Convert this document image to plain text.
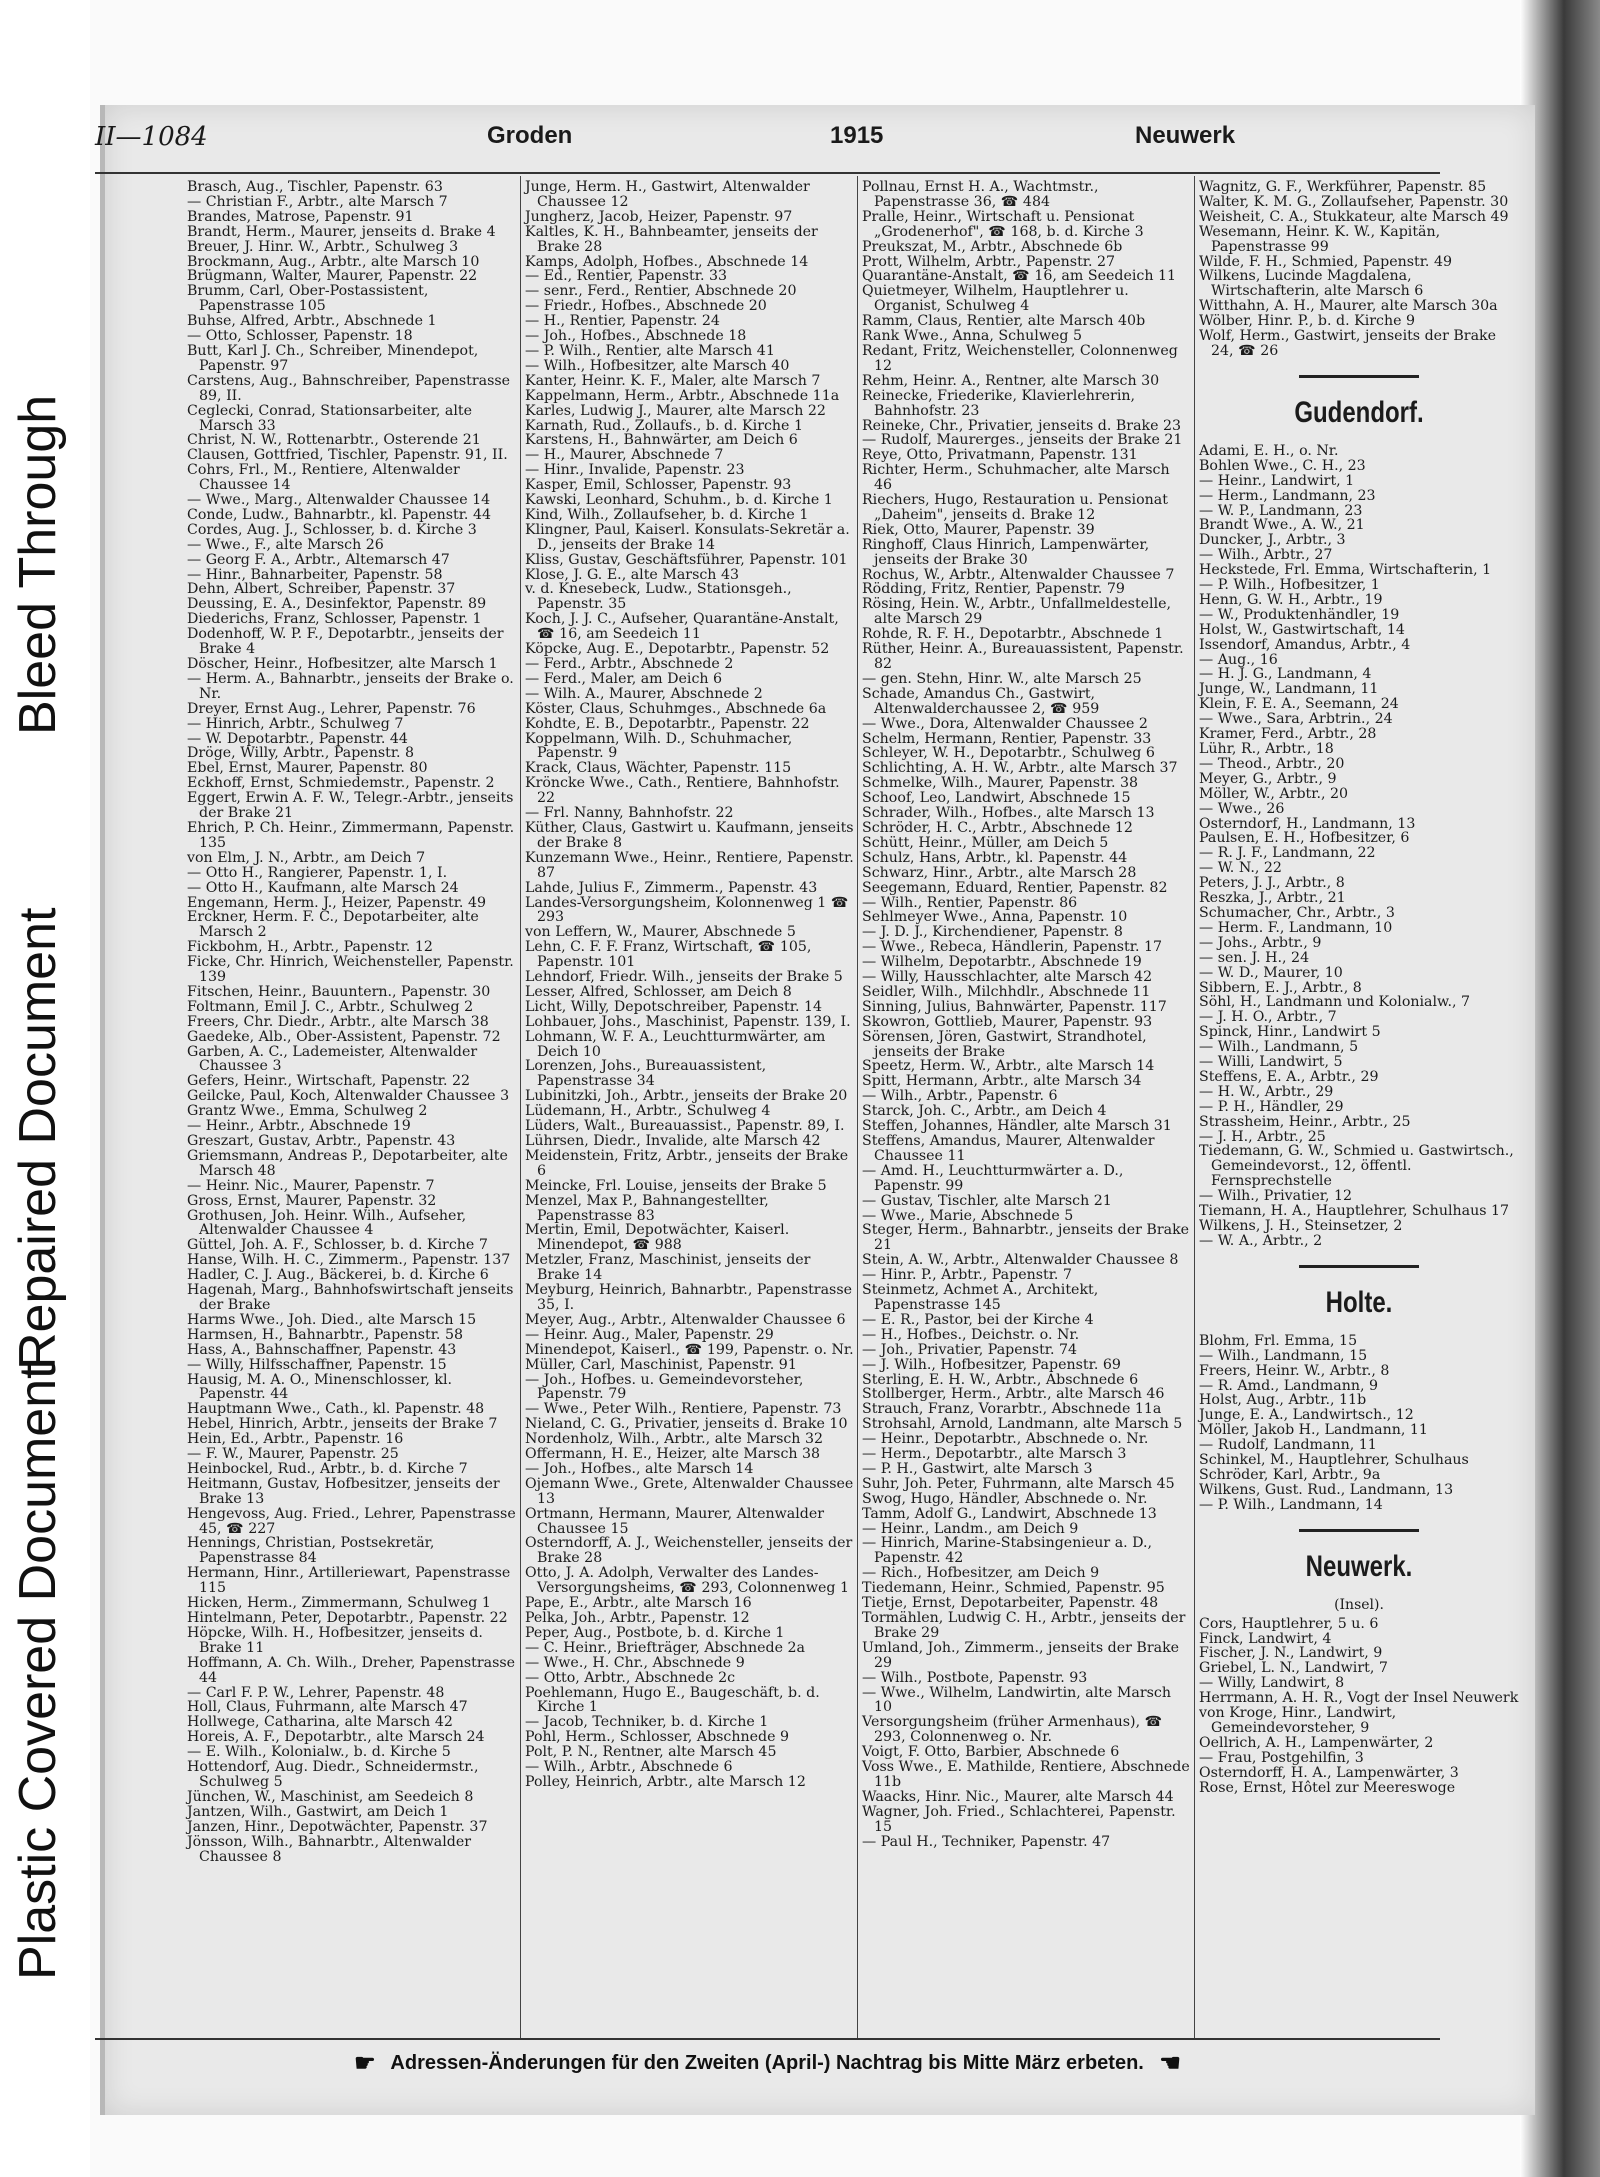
Bleed Through
Repaired Document
Plastic Covered Document
II—1084	Groden	1915	Neuwerk

Brasch, Aug., Tischler, Papenstr. 63

— Christian F., Arbtr., alte Marsch 7

Brandes, Matrose, Papenstr. 91

Brandt, Herm., Maurer, jenseits d. Brake 4

Breuer, J. Hinr. W., Arbtr., Schulweg 3

Brockmann, Aug., Arbtr., alte Marsch 10

Brügmann, Walter, Maurer, Papenstr. 22

Brumm, Carl, Ober-Postassistent, Papenstrasse 105

Buhse, Alfred, Arbtr., Abschnede 1

— Otto, Schlosser, Papenstr. 18

Butt, Karl J. Ch., Schreiber, Minendepot, Papenstr. 97

Carstens, Aug., Bahnschreiber, Papenstrasse 89, II.

Ceglecki, Conrad, Stationsarbeiter, alte Marsch 33

Christ, N. W., Rottenarbtr., Osterende 21

Clausen, Gottfried, Tischler, Papenstr. 91, II.

Cohrs, Frl., M., Rentiere, Altenwalder Chaussee 14

— Wwe., Marg., Altenwalder Chaussee 14

Conde, Ludw., Bahnarbtr., kl. Papenstr. 44

Cordes, Aug. J., Schlosser, b. d. Kirche 3

— Wwe., F., alte Marsch 26

— Georg F. A., Arbtr., Altemarsch 47

— Hinr., Bahnarbeiter, Papenstr. 58

Dehn, Albert, Schreiber, Papenstr. 37

Deussing, E. A., Desinfektor, Papenstr. 89

Diederichs, Franz, Schlosser, Papenstr. 1

Dodenhoff, W. P. F., Depotarbtr., jenseits der Brake 4

Döscher, Heinr., Hofbesitzer, alte Marsch 1

— Herm. A., Bahnarbtr., jenseits der Brake o. Nr.

Dreyer, Ernst Aug., Lehrer, Papenstr. 76

— Hinrich, Arbtr., Schulweg 7

— W. Depotarbtr., Papenstr. 44

Dröge, Willy, Arbtr., Papenstr. 8

Ebel, Ernst, Maurer, Papenstr. 80

Eckhoff, Ernst, Schmiedemstr., Papenstr. 2

Eggert, Erwin A. F. W., Telegr.-Arbtr., jenseits der Brake 21

Ehrich, P. Ch. Heinr., Zimmermann, Papenstr. 135

von Elm, J. N., Arbtr., am Deich 7

— Otto H., Rangierer, Papenstr. 1, I.

— Otto H., Kaufmann, alte Marsch 24

Engemann, Herm. J., Heizer, Papenstr. 49

Erckner, Herm. F. C., Depotarbeiter, alte Marsch 2

Fickbohm, H., Arbtr., Papenstr. 12

Ficke, Chr. Hinrich, Weichensteller, Papenstr. 139

Fitschen, Heinr., Bauuntern., Papenstr. 30

Foltmann, Emil J. C., Arbtr., Schulweg 2

Freers, Chr. Diedr., Arbtr., alte Marsch 38

Gaedeke, Alb., Ober-Assistent, Papenstr. 72

Garben, A. C., Lademeister, Altenwalder Chaussee 3

Gefers, Heinr., Wirtschaft, Papenstr. 22

Geilcke, Paul, Koch, Altenwalder Chaussee 3

Grantz Wwe., Emma, Schulweg 2

— Heinr., Arbtr., Abschnede 19

Greszart, Gustav, Arbtr., Papenstr. 43

Griemsmann, Andreas P., Depotarbeiter, alte Marsch 48

— Heinr. Nic., Maurer, Papenstr. 7

Gross, Ernst, Maurer, Papenstr. 32

Grothusen, Joh. Heinr. Wilh., Aufseher, Altenwalder Chaussee 4

Güttel, Joh. A. F., Schlosser, b. d. Kirche 7

Hanse, Wilh. H. C., Zimmerm., Papenstr. 137

Hadler, C. J. Aug., Bäckerei, b. d. Kirche 6

Hagenah, Marg., Bahnhofswirtschaft jenseits der Brake

Harms Wwe., Joh. Died., alte Marsch 15

Harmsen, H., Bahnarbtr., Papenstr. 58

Hass, A., Bahnschaffner, Papenstr. 43

— Willy, Hilfsschaffner, Papenstr. 15

Hausig, M. A. O., Minenschlosser, kl. Papenstr. 44

Hauptmann Wwe., Cath., kl. Papenstr. 48

Hebel, Hinrich, Arbtr., jenseits der Brake 7

Hein, Ed., Arbtr., Papenstr. 16

— F. W., Maurer, Papenstr. 25

Heinbockel, Rud., Arbtr., b. d. Kirche 7

Heitmann, Gustav, Hofbesitzer, jenseits der Brake 13

Hengevoss, Aug. Fried., Lehrer, Papenstrasse 45, ☎ 227

Hennings, Christian, Postsekretär, Papenstrasse 84

Hermann, Hinr., Artilleriewart, Papenstrasse 115

Hicken, Herm., Zimmermann, Schulweg 1

Hintelmann, Peter, Depotarbtr., Papenstr. 22

Höpcke, Wilh. H., Hofbesitzer, jenseits d. Brake 11

Hoffmann, A. Ch. Wilh., Dreher, Papenstrasse 44

— Carl F. P. W., Lehrer, Papenstr. 48

Holl, Claus, Fuhrmann, alte Marsch 47

Hollwege, Catharina, alte Marsch 42

Horeis, A. F., Depotarbtr., alte Marsch 24

— E. Wilh., Kolonialw., b. d. Kirche 5

Hottendorf, Aug. Diedr., Schneidermstr., Schulweg 5

Jünchen, W., Maschinist, am Seedeich 8

Jantzen, Wilh., Gastwirt, am Deich 1

Janzen, Hinr., Depotwächter, Papenstr. 37

Jönsson, Wilh., Bahnarbtr., Altenwalder Chaussee 8

Junge, Herm. H., Gastwirt, Altenwalder Chaussee 12

Jungherz, Jacob, Heizer, Papenstr. 97

Kaltles, K. H., Bahnbeamter, jenseits der Brake 28

Kamps, Adolph, Hofbes., Abschnede 14

— Ed., Rentier, Papenstr. 33

— senr., Ferd., Rentier, Abschnede 20

— Friedr., Hofbes., Abschnede 20

— H., Rentier, Papenstr. 24

— Joh., Hofbes., Abschnede 18

— P. Wilh., Rentier, alte Marsch 41

— Wilh., Hofbesitzer, alte Marsch 40

Kanter, Heinr. K. F., Maler, alte Marsch 7

Kappelmann, Herm., Arbtr., Abschnede 11a

Karles, Ludwig J., Maurer, alte Marsch 22

Karnath, Rud., Zollaufs., b. d. Kirche 1

Karstens, H., Bahnwärter, am Deich 6

— H., Maurer, Abschnede 7

— Hinr., Invalide, Papenstr. 23

Kasper, Emil, Schlosser, Papenstr. 93

Kawski, Leonhard, Schuhm., b. d. Kirche 1

Kind, Wilh., Zollaufseher, b. d. Kirche 1

Klingner, Paul, Kaiserl. Konsulats-Sekretär a. D., jenseits der Brake 14

Kliss, Gustav, Geschäftsführer, Papenstr. 101

Klose, J. G. E., alte Marsch 43

v. d. Knesebeck, Ludw., Stationsgeh., Papenstr. 35

Koch, J. J. C., Aufseher, Quarantäne-Anstalt, ☎ 16, am Seedeich 11

Köpcke, Aug. E., Depotarbtr., Papenstr. 52

— Ferd., Arbtr., Abschnede 2

— Ferd., Maler, am Deich 6

— Wilh. A., Maurer, Abschnede 2

Köster, Claus, Schuhmges., Abschnede 6a

Kohdte, E. B., Depotarbtr., Papenstr. 22

Koppelmann, Wilh. D., Schuhmacher, Papenstr. 9

Krack, Claus, Wächter, Papenstr. 115

Kröncke Wwe., Cath., Rentiere, Bahnhofstr. 22

— Frl. Nanny, Bahnhofstr. 22

Küther, Claus, Gastwirt u. Kaufmann, jenseits der Brake 8

Kunzemann Wwe., Heinr., Rentiere, Papenstr. 87

Lahde, Julius F., Zimmerm., Papenstr. 43

Landes-Versorgungsheim, Kolonnenweg 1 ☎ 293

von Leffern, W., Maurer, Abschnede 5

Lehn, C. F. F. Franz, Wirtschaft, ☎ 105, Papenstr. 101

Lehndorf, Friedr. Wilh., jenseits der Brake 5

Lesser, Alfred, Schlosser, am Deich 8

Licht, Willy, Depotschreiber, Papenstr. 14

Lohbauer, Johs., Maschinist, Papenstr. 139, I.

Lohmann, W. F. A., Leuchtturmwärter, am Deich 10

Lorenzen, Johs., Bureauassistent, Papenstrasse 34

Lubinitzki, Joh., Arbtr., jenseits der Brake 20

Lüdemann, H., Arbtr., Schulweg 4

Lüders, Walt., Bureauassist., Papenstr. 89, I.

Lührsen, Diedr., Invalide, alte Marsch 42

Meidenstein, Fritz, Arbtr., jenseits der Brake 6

Meincke, Frl. Louise, jenseits der Brake 5

Menzel, Max P., Bahnangestellter, Papenstrasse 83

Mertin, Emil, Depotwächter, Kaiserl. Minendepot, ☎ 988

Metzler, Franz, Maschinist, jenseits der Brake 14

Meyburg, Heinrich, Bahnarbtr., Papenstrasse 35, I.

Meyer, Aug., Arbtr., Altenwalder Chaussee 6

— Heinr. Aug., Maler, Papenstr. 29

Minendepot, Kaiserl., ☎ 199, Papenstr. o. Nr.

Müller, Carl, Maschinist, Papenstr. 91

— Joh., Hofbes. u. Gemeindevorsteher, Papenstr. 79

— Wwe., Peter Wilh., Rentiere, Papenstr. 73

Nieland, C. G., Privatier, jenseits d. Brake 10

Nordenholz, Wilh., Arbtr., alte Marsch 32

Offermann, H. E., Heizer, alte Marsch 38

— Joh., Hofbes., alte Marsch 14

Ojemann Wwe., Grete, Altenwalder Chaussee 13

Ortmann, Hermann, Maurer, Altenwalder Chaussee 15

Osterndorff, A. J., Weichensteller, jenseits der Brake 28

Otto, J. A. Adolph, Verwalter des Landes-Versorgungsheims, ☎ 293, Colonnenweg 1

Pape, E., Arbtr., alte Marsch 16

Pelka, Joh., Arbtr., Papenstr. 12

Peper, Aug., Postbote, b. d. Kirche 1

— C. Heinr., Briefträger, Abschnede 2a

— Wwe., H. Chr., Abschnede 9

— Otto, Arbtr., Abschnede 2c

Poehlemann, Hugo E., Baugeschäft, b. d. Kirche 1

— Jacob, Techniker, b. d. Kirche 1

Pohl, Herm., Schlosser, Abschnede 9

Polt, P. N., Rentner, alte Marsch 45

— Wilh., Arbtr., Abschnede 6

Polley, Heinrich, Arbtr., alte Marsch 12

Pollnau, Ernst H. A., Wachtmstr., Papenstrasse 36, ☎ 484

Pralle, Heinr., Wirtschaft u. Pensionat „Grodenerhof", ☎ 168, b. d. Kirche 3

Preukszat, M., Arbtr., Abschnede 6b

Prott, Wilhelm, Arbtr., Papenstr. 27

Quarantäne-Anstalt, ☎ 16, am Seedeich 11

Quietmeyer, Wilhelm, Hauptlehrer u. Organist, Schulweg 4

Ramm, Claus, Rentier, alte Marsch 40b

Rank Wwe., Anna, Schulweg 5

Redant, Fritz, Weichensteller, Colonnenweg 12

Rehm, Heinr. A., Rentner, alte Marsch 30

Reinecke, Friederike, Klavierlehrerin, Bahnhofstr. 23

Reineke, Chr., Privatier, jenseits d. Brake 23

— Rudolf, Maurerges., jenseits der Brake 21

Reye, Otto, Privatmann, Papenstr. 131

Richter, Herm., Schuhmacher, alte Marsch 46

Riechers, Hugo, Restauration u. Pensionat „Daheim", jenseits d. Brake 12

Riek, Otto, Maurer, Papenstr. 39

Ringhoff, Claus Hinrich, Lampenwärter, jenseits der Brake 30

Rochus, W., Arbtr., Altenwalder Chaussee 7

Rödding, Fritz, Rentier, Papenstr. 79

Rösing, Hein. W., Arbtr., Unfallmeldestelle, alte Marsch 29

Rohde, R. F. H., Depotarbtr., Abschnede 1

Rüther, Heinr. A., Bureauassistent, Papenstr. 82

— gen. Stehn, Hinr. W., alte Marsch 25

Schade, Amandus Ch., Gastwirt, Altenwalderchaussee 2, ☎ 959

— Wwe., Dora, Altenwalder Chaussee 2

Schelm, Hermann, Rentier, Papenstr. 33

Schleyer, W. H., Depotarbtr., Schulweg 6

Schlichting, A. H. W., Arbtr., alte Marsch 37

Schmelke, Wilh., Maurer, Papenstr. 38

Schoof, Leo, Landwirt, Abschnede 15

Schrader, Wilh., Hofbes., alte Marsch 13

Schröder, H. C., Arbtr., Abschnede 12

Schütt, Heinr., Müller, am Deich 5

Schulz, Hans, Arbtr., kl. Papenstr. 44

Schwarz, Hinr., Arbtr., alte Marsch 28

Seegemann, Eduard, Rentier, Papenstr. 82

— Wilh., Rentier, Papenstr. 86

Sehlmeyer Wwe., Anna, Papenstr. 10

— J. D. J., Kirchendiener, Papenstr. 8

— Wwe., Rebeca, Händlerin, Papenstr. 17

— Wilhelm, Depotarbtr., Abschnede 19

— Willy, Hausschlachter, alte Marsch 42

Seidler, Wilh., Milchhdlr., Abschnede 11

Sinning, Julius, Bahnwärter, Papenstr. 117

Skowron, Gottlieb, Maurer, Papenstr. 93

Sörensen, Jören, Gastwirt, Strandhotel, jenseits der Brake

Speetz, Herm. W., Arbtr., alte Marsch 14

Spitt, Hermann, Arbtr., alte Marsch 34

— Wilh., Arbtr., Papenstr. 6

Starck, Joh. C., Arbtr., am Deich 4

Steffen, Johannes, Händler, alte Marsch 31

Steffens, Amandus, Maurer, Altenwalder Chaussee 11

— Amd. H., Leuchtturmwärter a. D., Papenstr. 99

— Gustav, Tischler, alte Marsch 21

— Wwe., Marie, Abschnede 5

Steger, Herm., Bahnarbtr., jenseits der Brake 21

Stein, A. W., Arbtr., Altenwalder Chaussee 8

— Hinr. P., Arbtr., Papenstr. 7

Steinmetz, Achmet A., Architekt, Papenstrasse 145

— E. R., Pastor, bei der Kirche 4

— H., Hofbes., Deichstr. o. Nr.

— Joh., Privatier, Papenstr. 74

— J. Wilh., Hofbesitzer, Papenstr. 69

Sterling, E. H. W., Arbtr., Abschnede 6

Stollberger, Herm., Arbtr., alte Marsch 46

Strauch, Franz, Vorarbtr., Abschnede 11a

Strohsahl, Arnold, Landmann, alte Marsch 5

— Heinr., Depotarbtr., Abschnede o. Nr.

— Herm., Depotarbtr., alte Marsch 3

— P. H., Gastwirt, alte Marsch 3

Suhr, Joh. Peter, Fuhrmann, alte Marsch 45

Swog, Hugo, Händler, Abschnede o. Nr.

Tamm, Adolf G., Landwirt, Abschnede 13

— Heinr., Landm., am Deich 9

— Hinrich, Marine-Stabsingenieur a. D., Papenstr. 42

— Rich., Hofbesitzer, am Deich 9

Tiedemann, Heinr., Schmied, Papenstr. 95

Tietje, Ernst, Depotarbeiter, Papenstr. 48

Tormählen, Ludwig C. H., Arbtr., jenseits der Brake 29

Umland, Joh., Zimmerm., jenseits der Brake 29

— Wilh., Postbote, Papenstr. 93

— Wwe., Wilhelm, Landwirtin, alte Marsch 10

Versorgungsheim (früher Armenhaus), ☎ 293, Colonnenweg o. Nr.

Voigt, F. Otto, Barbier, Abschnede 6

Voss Wwe., E. Mathilde, Rentiere, Abschnede 11b

Waacks, Hinr. Nic., Maurer, alte Marsch 44

Wagner, Joh. Fried., Schlachterei, Papenstr. 15

— Paul H., Techniker, Papenstr. 47

Wagnitz, G. F., Werkführer, Papenstr. 85

Walter, K. M. G., Zollaufseher, Papenstr. 30

Weisheit, C. A., Stukkateur, alte Marsch 49

Wesemann, Heinr. K. W., Kapitän, Papenstrasse 99

Wilde, F. H., Schmied, Papenstr. 49

Wilkens, Lucinde Magdalena, Wirtschafterin, alte Marsch 6

Witthahn, A. H., Maurer, alte Marsch 30a

Wölber, Hinr. P., b. d. Kirche 9

Wolf, Herm., Gastwirt, jenseits der Brake 24, ☎ 26

Gudendorf.

Adami, E. H., o. Nr.

Bohlen Wwe., C. H., 23

— Heinr., Landwirt, 1

— Herm., Landmann, 23

— W. P., Landmann, 23

Brandt Wwe., A. W., 21

Duncker, J., Arbtr., 3

— Wilh., Arbtr., 27

Heckstede, Frl. Emma, Wirtschafterin, 1

— P. Wilh., Hofbesitzer, 1

Henn, G. W. H., Arbtr., 19

— W., Produktenhändler, 19

Holst, W., Gastwirtschaft, 14

Issendorf, Amandus, Arbtr., 4

— Aug., 16

— H. J. G., Landmann, 4

Junge, W., Landmann, 11

Klein, F. E. A., Seemann, 24

— Wwe., Sara, Arbtrin., 24

Kramer, Ferd., Arbtr., 28

Lühr, R., Arbtr., 18

— Theod., Arbtr., 20

Meyer, G., Arbtr., 9

Möller, W., Arbtr., 20

— Wwe., 26

Osterndorf, H., Landmann, 13

Paulsen, E. H., Hofbesitzer, 6

— R. J. F., Landmann, 22

— W. N., 22

Peters, J. J., Arbtr., 8

Reszka, J., Arbtr., 21

Schumacher, Chr., Arbtr., 3

— Herm. F., Landmann, 10

— Johs., Arbtr., 9

— sen. J. H., 24

— W. D., Maurer, 10

Sibbern, E. J., Arbtr., 8

Söhl, H., Landmann und Kolonialw., 7

— J. H. O., Arbtr., 7

Spinck, Hinr., Landwirt 5

— Wilh., Landmann, 5

— Willi, Landwirt, 5

Steffens, E. A., Arbtr., 29

— H. W., Arbtr., 29

— P. H., Händler, 29

Strassheim, Heinr., Arbtr., 25

— J. H., Arbtr., 25

Tiedemann, G. W., Schmied u. Gastwirtsch., Gemeindevorst., 12, öffentl. Fernsprechstelle

— Wilh., Privatier, 12

Tiemann, H. A., Hauptlehrer, Schulhaus 17

Wilkens, J. H., Steinsetzer, 2

— W. A., Arbtr., 2

Holte.

Blohm, Frl. Emma, 15

— Wilh., Landmann, 15

Freers, Heinr. W., Arbtr., 8

— R. Amd., Landmann, 9

Holst, Aug., Arbtr., 11b

Junge, E. A., Landwirtsch., 12

Möller, Jakob H., Landmann, 11

— Rudolf, Landmann, 11

Schinkel, M., Hauptlehrer, Schulhaus

Schröder, Karl, Arbtr., 9a

Wilkens, Gust. Rud., Landmann, 13

— P. Wilh., Landmann, 14

Neuwerk.
(Insel).

Cors, Hauptlehrer, 5 u. 6

Finck, Landwirt, 4

Fischer, J. N., Landwirt, 9

Griebel, L. N., Landwirt, 7

— Willy, Landwirt, 8

Herrmann, A. H. R., Vogt der Insel Neuwerk

von Kroge, Hinr., Landwirt, Gemeindevorsteher, 9

Oellrich, A. H., Lampenwärter, 2

— Frau, Postgehilfin, 3

Osterndorff, H. A., Lampenwärter, 3

Rose, Ernst, Hôtel zur Meereswoge

☛ Adressen-Änderungen für den Zweiten (April-) Nachtrag bis Mitte März erbeten. ☚
